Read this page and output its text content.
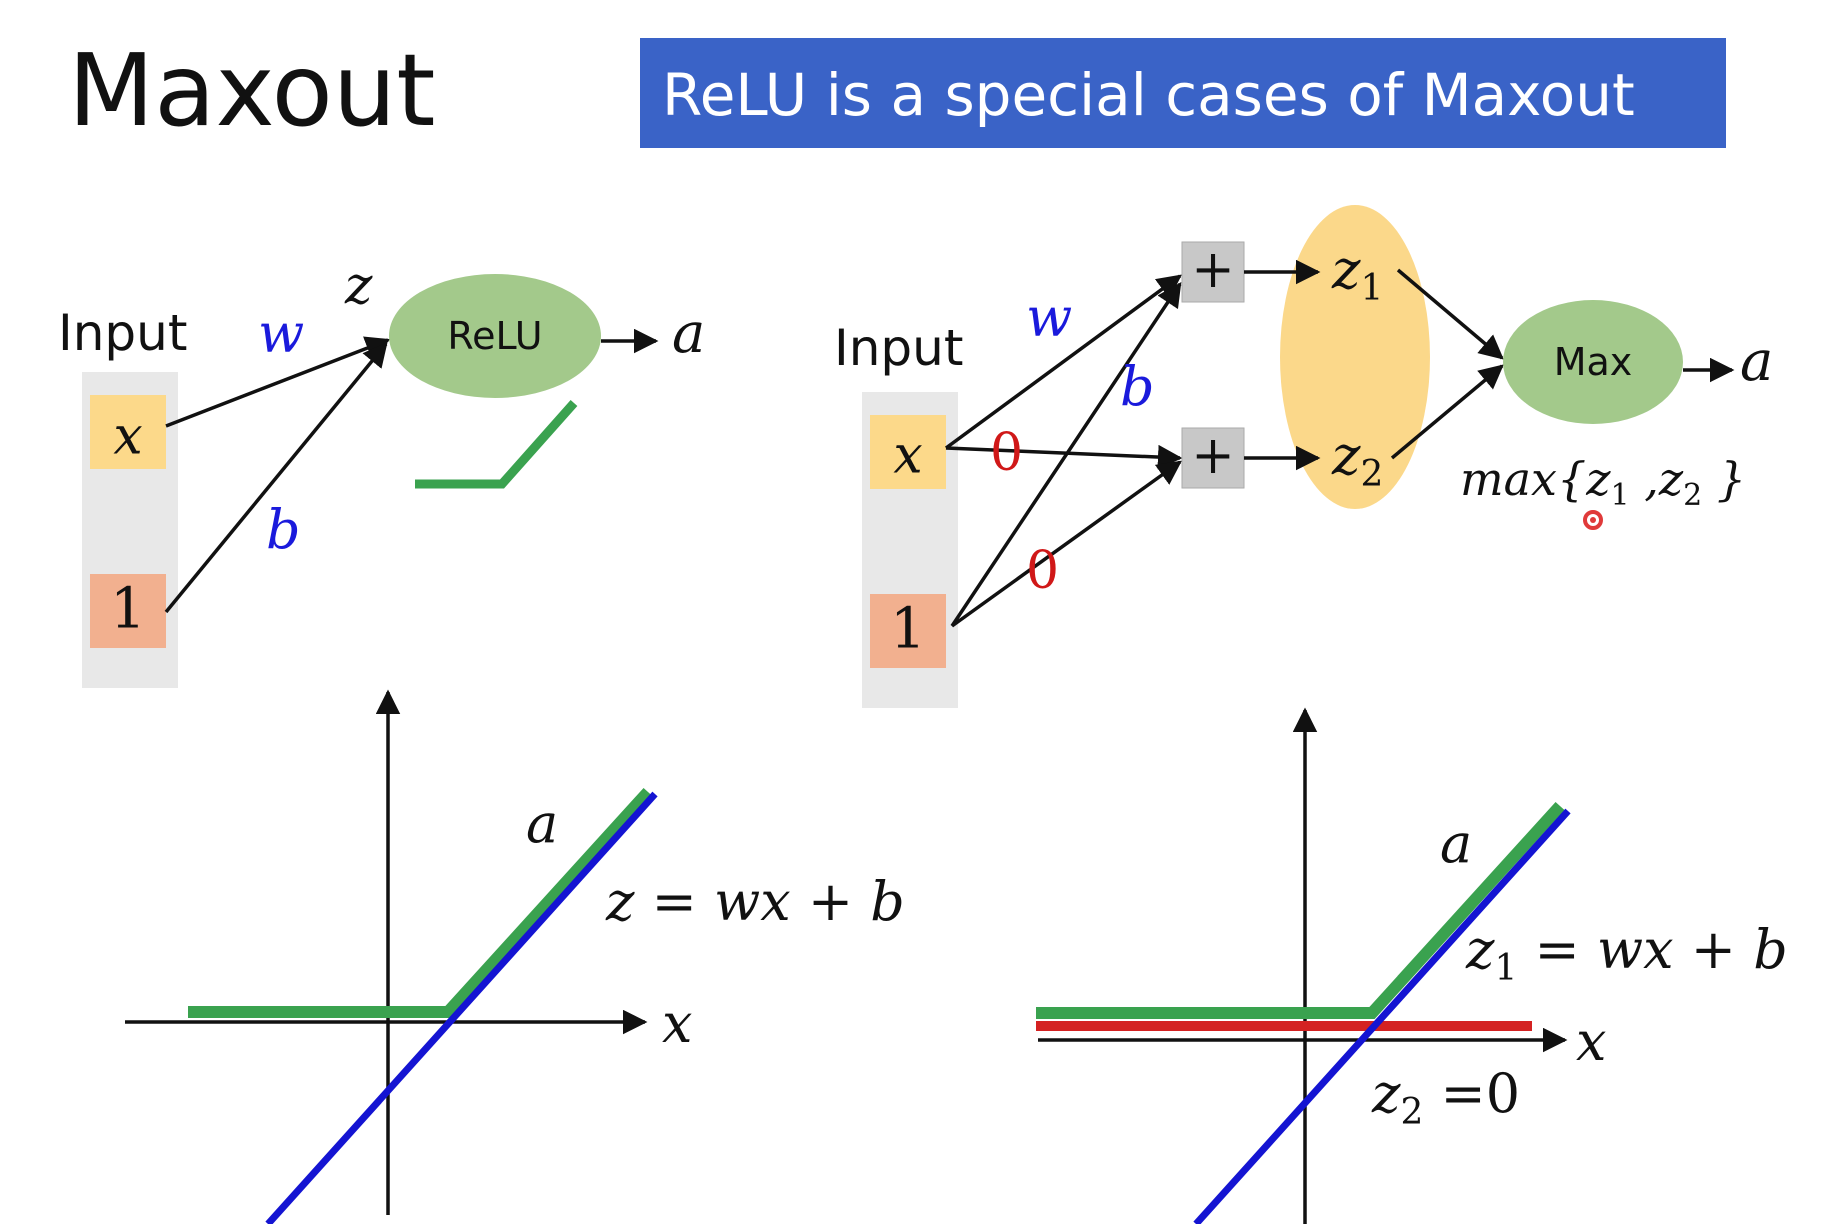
Maxout	ReLU is a special cases of Maxout
Input
x
1
w
b
z
ReLU a	Input
x
1
w
b
0
0
+
+
$z_1$
$z_2$
Max a
$\max\{z_1$ $,z_2$ }
a
z = wx + b
x
a
$z_1$ = wx + b
$z_2 =0$
x
